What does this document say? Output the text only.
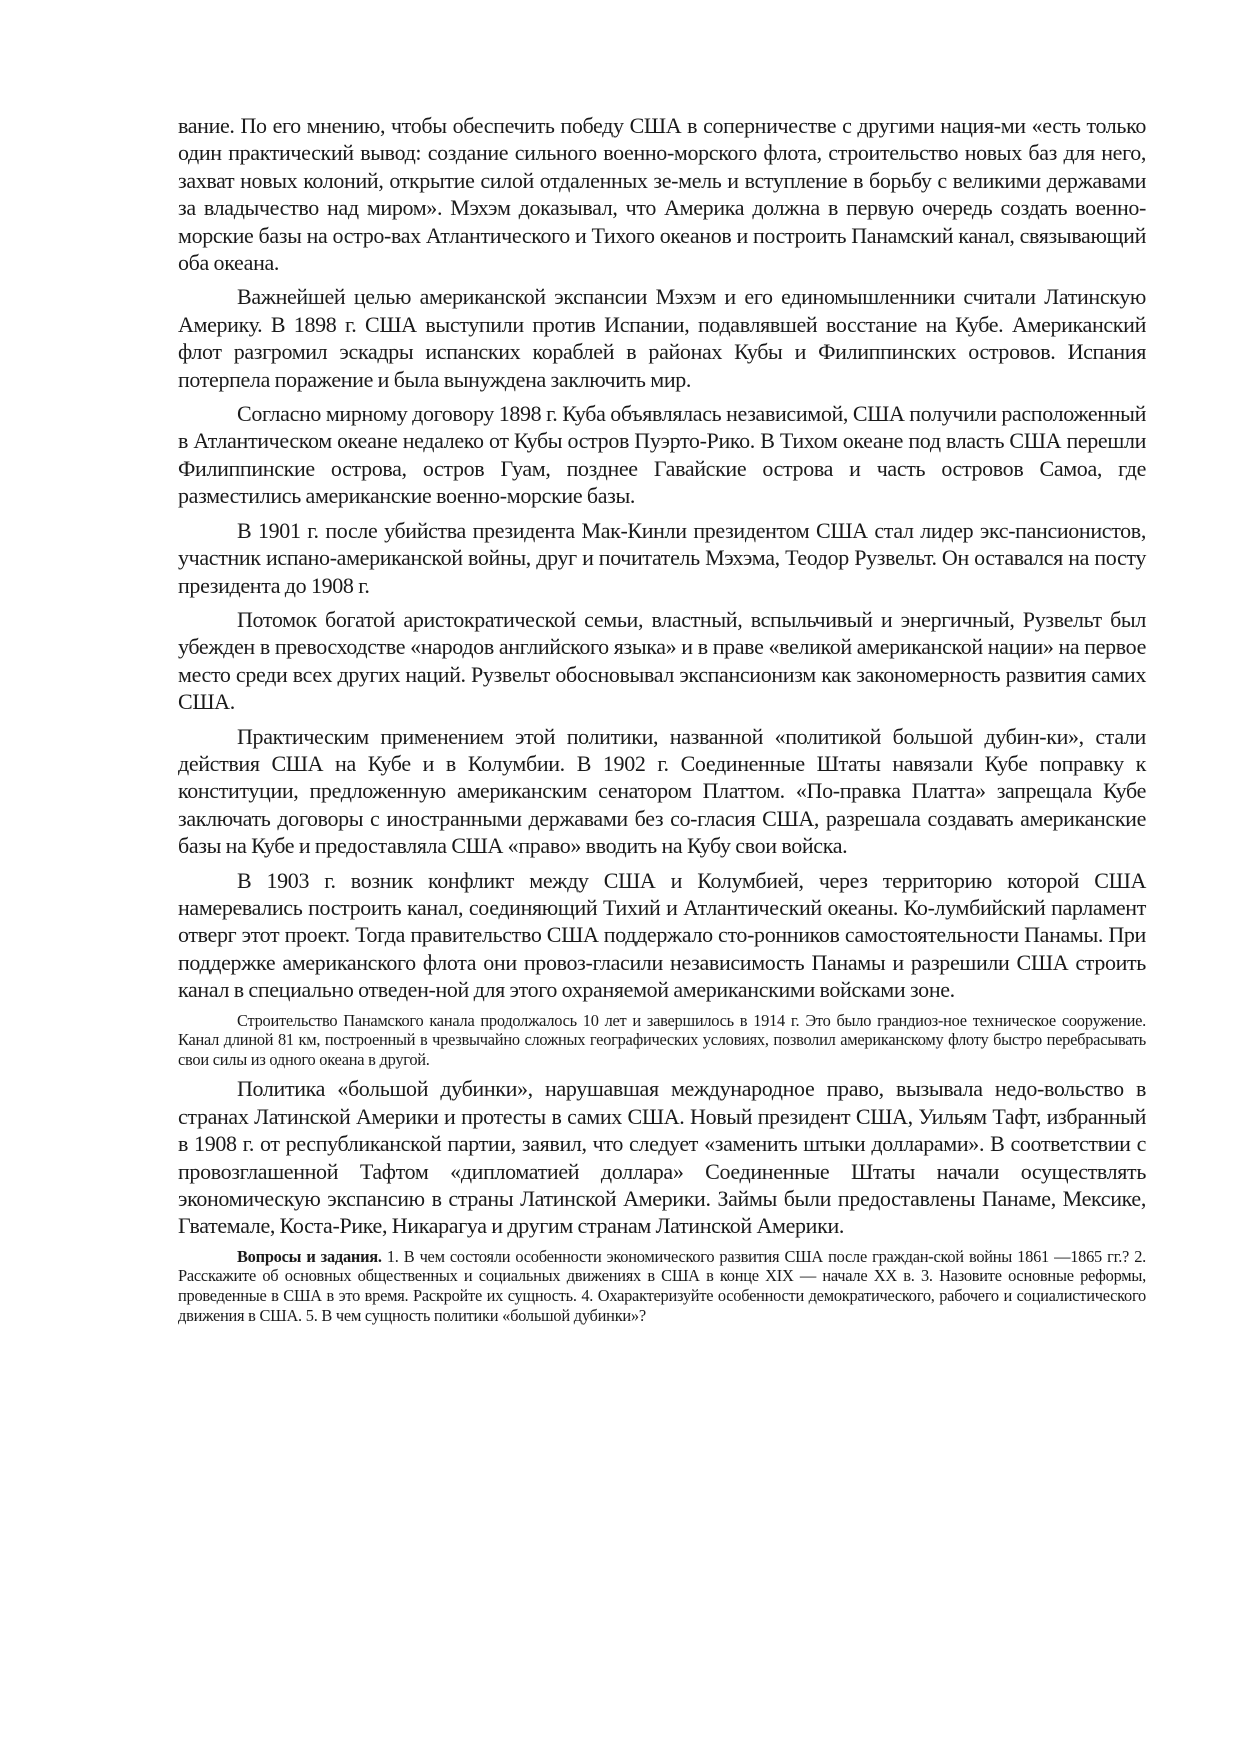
вание. По его мнению, чтобы обеспечить победу США в соперничестве с другими нация-ми «есть только один практический вывод: создание сильного военно-морского флота, строительство новых баз для него, захват новых колоний, открытие силой отдаленных зе-мель и вступление в борьбу с великими державами за владычество над миром». Мэхэм доказывал, что Америка должна в первую очередь создать военно-морские базы на остро-вах Атлантического и Тихого океанов и построить Панамский канал, связывающий оба океана.

Важнейшей целью американской экспансии Мэхэм и его единомышленники считали Латинскую Америку. В 1898 г. США выступили против Испании, подавлявшей восстание на Кубе. Американский флот разгромил эскадры испанских кораблей в районах Кубы и Филиппинских островов. Испания потерпела поражение и была вынуждена заключить мир.

Согласно мирному договору 1898 г. Куба объявлялась независимой, США получили расположенный в Атлантическом океане недалеко от Кубы остров Пуэрто-Рико. В Тихом океане под власть США перешли Филиппинские острова, остров Гуам, позднее Гавайские острова и часть островов Самоа, где разместились американские военно-морские базы.

В 1901 г. после убийства президента Мак-Кинли президентом США стал лидер экс-пансионистов, участник испано-американской войны, друг и почитатель Мэхэма, Теодор Рузвельт. Он оставался на посту президента до 1908 г.

Потомок богатой аристократической семьи, властный, вспыльчивый и энергичный, Рузвельт был убежден в превосходстве «народов английского языка» и в праве «великой американской нации» на первое место среди всех других наций. Рузвельт обосновывал экспансионизм как закономерность развития самих США.

Практическим применением этой политики, названной «политикой большой дубин-ки», стали действия США на Кубе и в Колумбии. В 1902 г. Соединенные Штаты навязали Кубе поправку к конституции, предложенную американским сенатором Платтом. «По-правка Платта» запрещала Кубе заключать договоры с иностранными державами без со-гласия США, разрешала создавать американские базы на Кубе и предоставляла США «право» вводить на Кубу свои войска.

В 1903 г. возник конфликт между США и Колумбией, через территорию которой США намеревались построить канал, соединяющий Тихий и Атлантический океаны. Ко-лумбийский парламент отверг этот проект. Тогда правительство США поддержало сто-ронников самостоятельности Панамы. При поддержке американского флота они провоз-гласили независимость Панамы и разрешили США строить канал в специально отведен-ной для этого охраняемой американскими войсками зоне.

Строительство Панамского канала продолжалось 10 лет и завершилось в 1914 г. Это было грандиоз-ное техническое сооружение. Канал длиной 81 км, построенный в чрезвычайно сложных географических условиях, позволил американскому флоту быстро перебрасывать свои силы из одного океана в другой.

Политика «большой дубинки», нарушавшая международное право, вызывала недо-вольство в странах Латинской Америки и протесты в самих США. Новый президент США, Уильям Тафт, избранный в 1908 г. от республиканской партии, заявил, что следует «заменить штыки долларами». В соответствии с провозглашенной Тафтом «дипломатией доллара» Соединенные Штаты начали осуществлять экономическую экспансию в страны Латинской Америки. Займы были предоставлены Панаме, Мексике, Гватемале, Коста-Рике, Никарагуа и другим странам Латинской Америки.

Вопросы и задания. 1. В чем состояли особенности экономического развития США после граждан-ской войны 1861 —1865 гг.? 2. Расскажите об основных общественных и социальных движениях в США в конце XIX — начале XX в. 3. Назовите основные реформы, проведенные в США в это время. Раскройте их сущность. 4. Охарактеризуйте особенности демократического, рабочего и социалистического движения в США. 5. В чем сущность политики «большой дубинки»?
